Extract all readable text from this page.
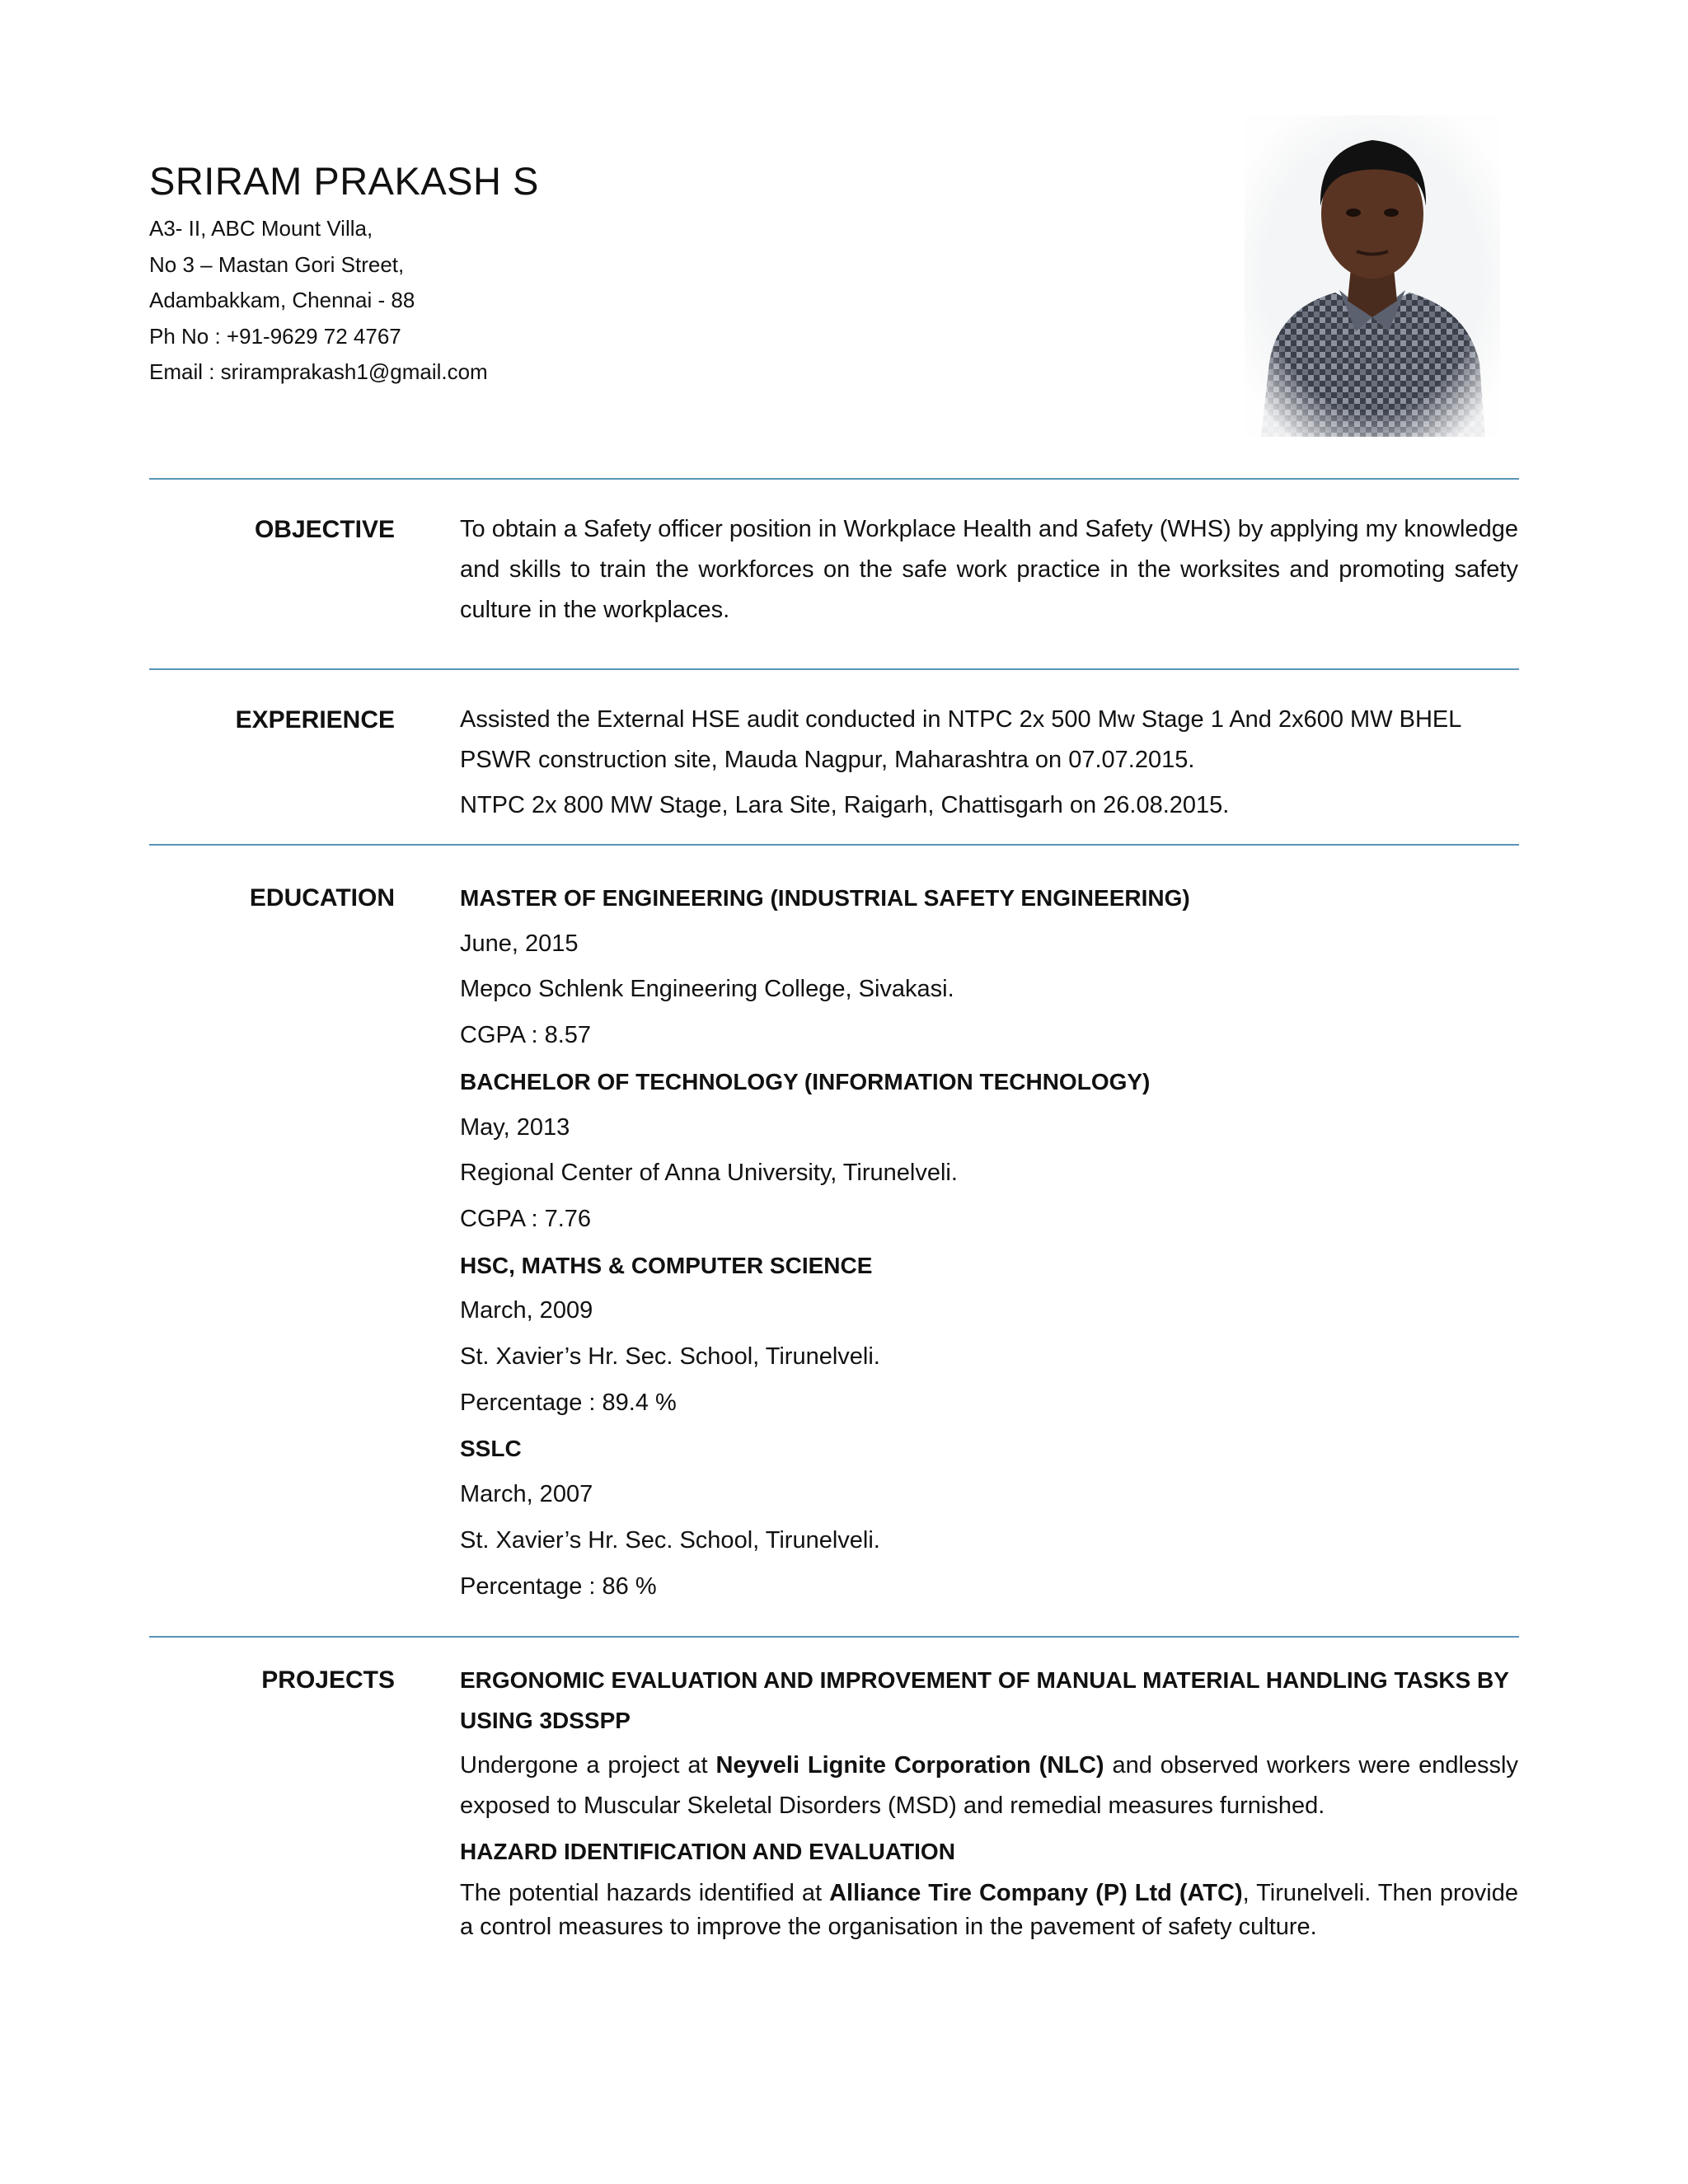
SRIRAM PRAKASH S

A3- II, ABC Mount Villa,

No 3 – Mastan Gori Street,

Adambakkam, Chennai - 88

Ph No : +91-9629 72 4767

Email : sriramprakash1@gmail.com

OBJECTIVE	To obtain a Safety officer position in Workplace Health and Safety (WHS) by applying my knowledge and skills to train the workforces on the safe work practice in the worksites and promoting safety culture in the workplaces.

EXPERIENCE	Assisted the External HSE audit conducted in NTPC 2x 500 Mw Stage 1 And 2x600 MW BHEL PSWR construction site, Mauda Nagpur, Maharashtra on 07.07.2015.

NTPC 2x 800 MW Stage, Lara Site, Raigarh, Chattisgarh on 26.08.2015.

EDUCATION	MASTER OF ENGINEERING (INDUSTRIAL SAFETY ENGINEERING)

June, 2015

Mepco Schlenk Engineering College, Sivakasi.

CGPA : 8.57

BACHELOR OF TECHNOLOGY (INFORMATION TECHNOLOGY)

May, 2013

Regional Center of Anna University, Tirunelveli.

CGPA : 7.76

HSC, MATHS & COMPUTER SCIENCE

March, 2009

St. Xavier’s Hr. Sec. School, Tirunelveli.

Percentage : 89.4 %

SSLC

March, 2007

St. Xavier’s Hr. Sec. School, Tirunelveli.

Percentage : 86 %

PROJECTS	ERGONOMIC EVALUATION AND IMPROVEMENT OF MANUAL MATERIAL HANDLING TASKS BY USING 3DSSPP

Undergone a project at Neyveli Lignite Corporation (NLC) and observed workers were endlessly exposed to Muscular Skeletal Disorders (MSD) and remedial measures furnished.

HAZARD IDENTIFICATION AND EVALUATION

The potential hazards identified at Alliance Tire Company (P) Ltd (ATC), Tirunelveli. Then provide a control measures to improve the organisation in the pavement of safety culture.
